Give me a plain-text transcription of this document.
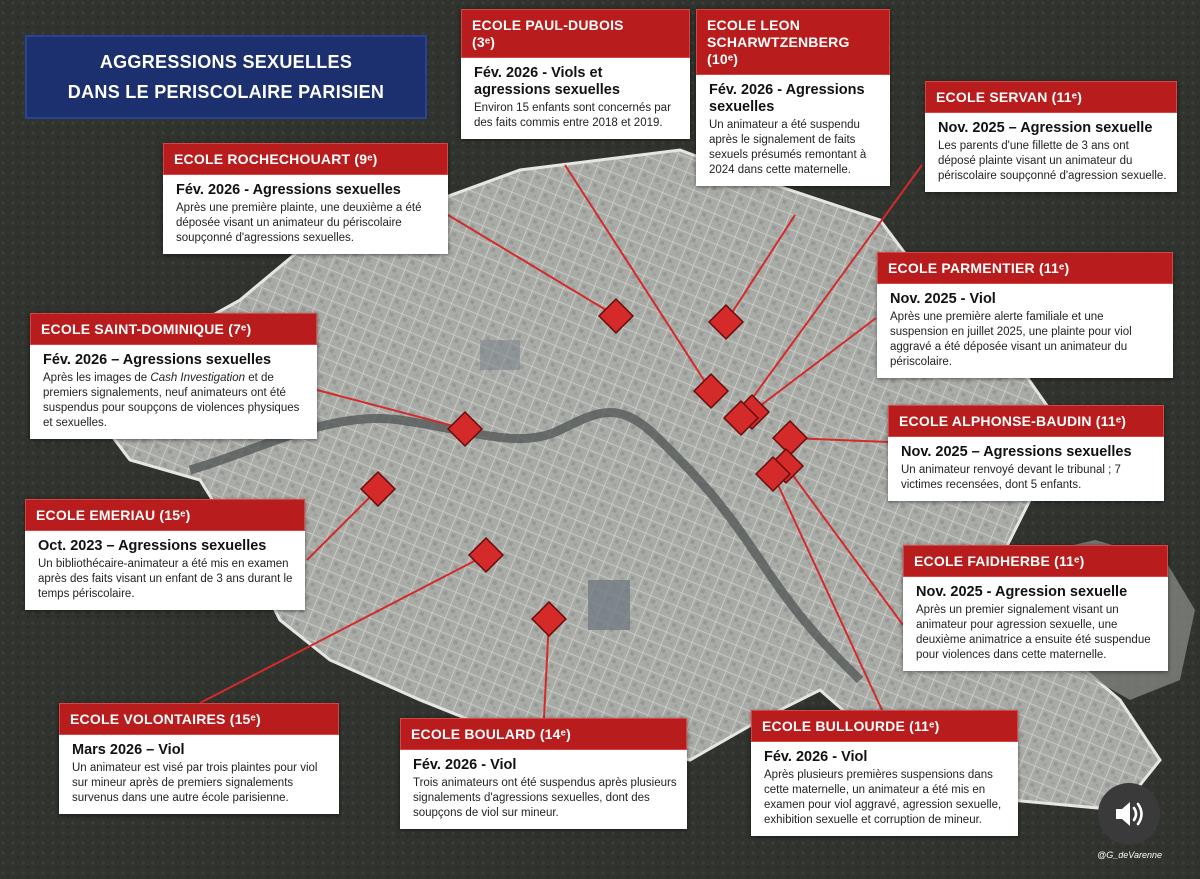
AGGRESSIONS SEXUELLES
DANS LE PERISCOLAIRE PARISIEN
ECOLE PAUL-DUBOIS
(3ᵉ)
Fév. 2026 - Viols et agressions sexuelles
Environ 15 enfants sont concernés par des faits commis entre 2018 et 2019.
ECOLE LEON SCHARWTZENBERG
(10ᵉ)
Fév. 2026 - Agressions sexuelles
Un animateur a été suspendu après le signalement de faits sexuels présumés remontant à 2024 dans cette maternelle.
ECOLE SERVAN (11ᵉ)
Nov. 2025 – Agression sexuelle
Les parents d'une fillette de 3 ans ont déposé plainte visant un animateur du périscolaire soupçonné d'agression sexuelle.
ECOLE ROCHECHOUART (9ᵉ)
Fév. 2026 - Agressions sexuelles
Après une première plainte, une deuxième a été déposée visant un animateur du périscolaire soupçonné d'agressions sexuelles.
ECOLE PARMENTIER (11ᵉ)
Nov. 2025 - Viol
Après une première alerte familiale et une suspension en juillet 2025, une plainte pour viol aggravé a été déposée visant un animateur du périscolaire.
ECOLE SAINT-DOMINIQUE (7ᵉ)
Fév. 2026 – Agressions sexuelles
Après les images de Cash Investigation et de premiers signalements, neuf animateurs ont été suspendus pour soupçons de violences physiques et sexuelles.	ECOLE ALPHONSE-BAUDIN (11ᵉ)
Nov. 2025 – Agressions sexuelles
Un animateur renvoyé devant le tribunal ; 7 victimes recensées, dont 5 enfants.
ECOLE EMERIAU (15ᵉ)
Oct. 2023 – Agressions sexuelles
Un bibliothécaire-animateur a été mis en examen après des faits visant un enfant de 3 ans durant le temps périscolaire.
ECOLE FAIDHERBE (11ᵉ)
Nov. 2025 - Agression sexuelle
Après un premier signalement visant un animateur pour agression sexuelle, une deuxième animatrice a ensuite été suspendue pour violences dans cette maternelle.
ECOLE VOLONTAIRES (15ᵉ)
Mars 2026 – Viol
Un animateur est visé par trois plaintes pour viol sur mineur après de premiers signalements survenus dans une autre école parisienne.
ECOLE BOULARD (14ᵉ)
Fév. 2026 - Viol
Trois animateurs ont été suspendus après plusieurs signalements d'agressions sexuelles, dont des soupçons de viol sur mineur.
ECOLE BULLOURDE (11ᵉ)
Fév. 2026 - Viol
Après plusieurs premières suspensions dans cette maternelle, un animateur a été mis en examen pour viol aggravé, agression sexuelle, exhibition sexuelle et corruption de mineur.
@G_deVarenne
